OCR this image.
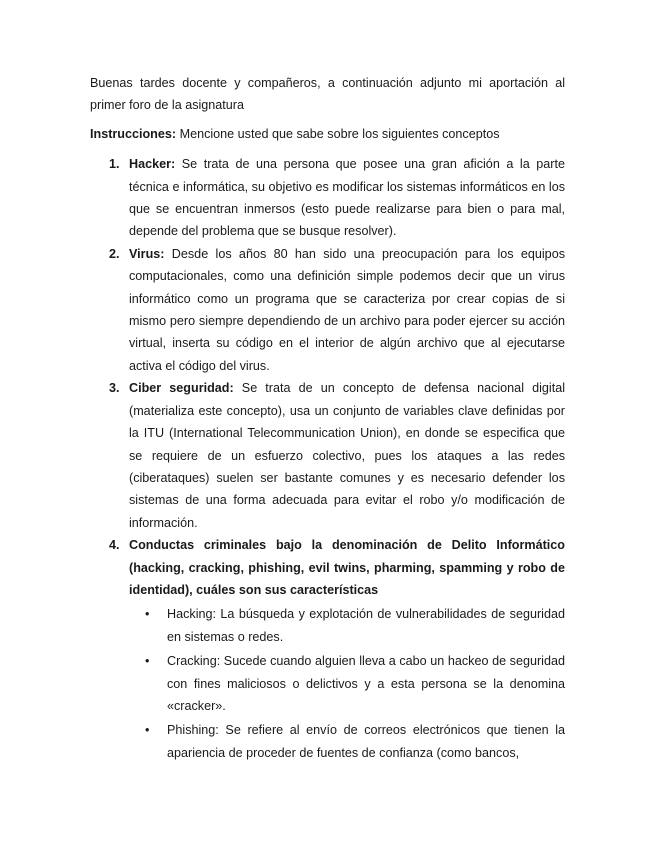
Buenas tardes docente y compañeros, a continuación adjunto mi aportación al primer foro de la asignatura

Instrucciones: Mencione usted que sabe sobre los siguientes conceptos

1. Hacker: Se trata de una persona que posee una gran afición a la parte técnica e informática, su objetivo es modificar los sistemas informáticos en los que se encuentran inmersos (esto puede realizarse para bien o para mal, depende del problema que se busque resolver).
2. Virus: Desde los años 80 han sido una preocupación para los equipos computacionales, como una definición simple podemos decir que un virus informático como un programa que se caracteriza por crear copias de si mismo pero siempre dependiendo de un archivo para poder ejercer su acción virtual, inserta su código en el interior de algún archivo que al ejecutarse activa el código del virus.
3. Ciber seguridad: Se trata de un concepto de defensa nacional digital (materializa este concepto), usa un conjunto de variables clave definidas por la ITU (International Telecommunication Union), en donde se especifica que se requiere de un esfuerzo colectivo, pues los ataques a las redes (ciberataques) suelen ser bastante comunes y es necesario defender los sistemas de una forma adecuada para evitar el robo y/o modificación de información.
4. Conductas criminales bajo la denominación de Delito Informático (hacking, cracking, phishing, evil twins, pharming, spamming y robo de identidad), cuáles son sus características
• Hacking: La búsqueda y explotación de vulnerabilidades de seguridad en sistemas o redes.
• Cracking: Sucede cuando alguien lleva a cabo un hackeo de seguridad con fines maliciosos o delictivos y a esta persona se la denomina «cracker».
• Phishing: Se refiere al envío de correos electrónicos que tienen la apariencia de proceder de fuentes de confianza (como bancos,
